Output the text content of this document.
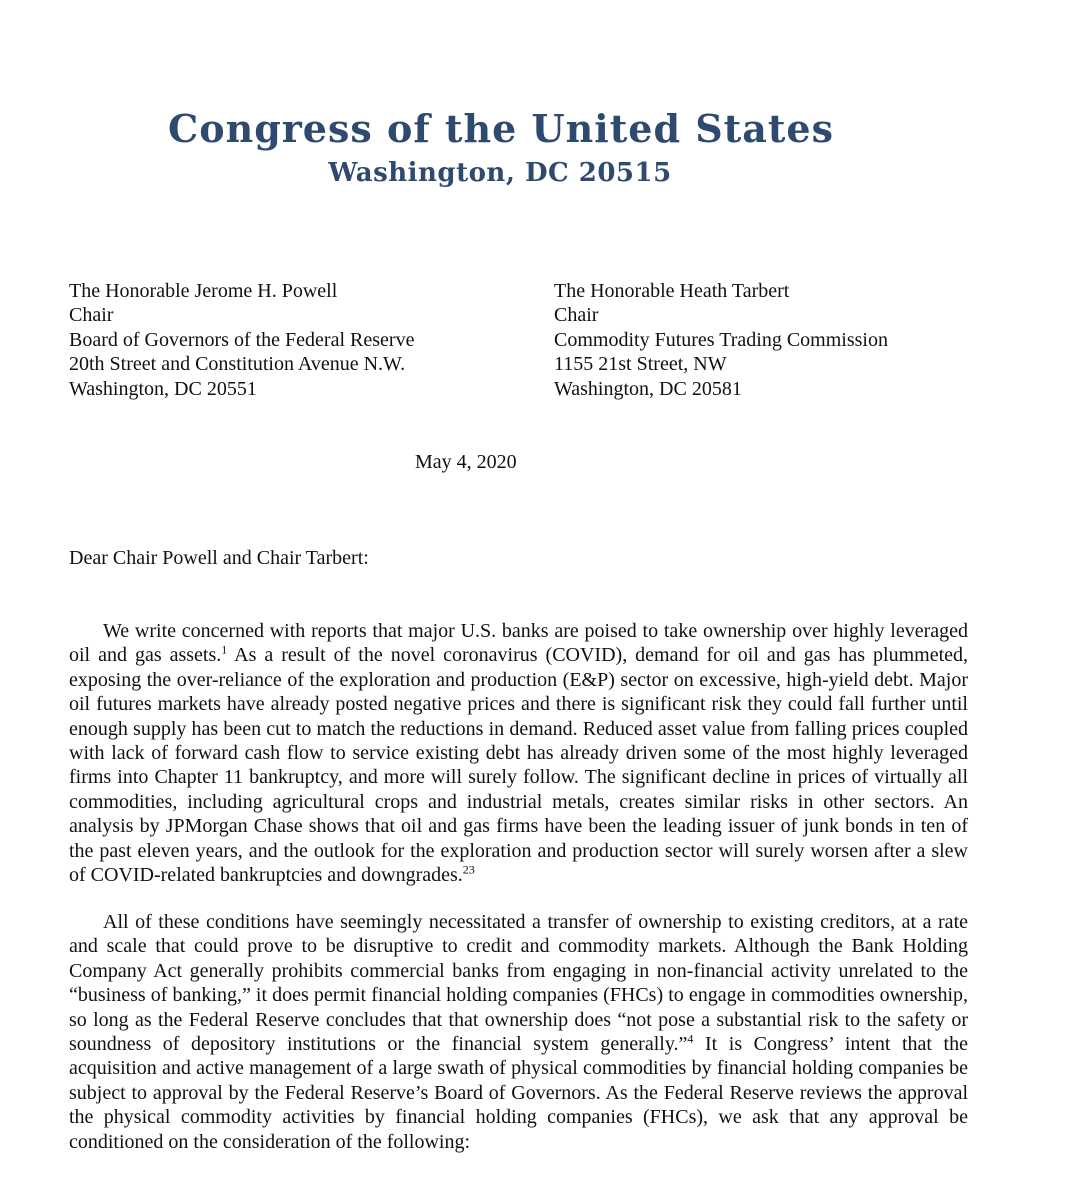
Congress of the United States
Washington, DC 20515
The Honorable Jerome H. Powell
Chair
Board of Governors of the Federal Reserve
20th Street and Constitution Avenue N.W.
Washington, DC 20551
The Honorable Heath Tarbert
Chair
Commodity Futures Trading Commission
1155 21st Street, NW
Washington, DC 20581
May 4, 2020
Dear Chair Powell and Chair Tarbert:

We write concerned with reports that major U.S. banks are poised to take ownership over highly leveraged oil and gas assets.$^1$ As a result of the novel coronavirus (COVID), demand for oil and gas has plummeted, exposing the over-reliance of the exploration and production (E&P) sector on excessive, high-yield debt. Major oil futures markets have already posted negative prices and there is significant risk they could fall further until enough supply has been cut to match the reductions in demand. Reduced asset value from falling prices coupled with lack of forward cash flow to service existing debt has already driven some of the most highly leveraged firms into Chapter 11 bankruptcy, and more will surely follow. The significant decline in prices of virtually all commodities, including agricultural crops and industrial metals, creates similar risks in other sectors. An analysis by JPMorgan Chase shows that oil and gas firms have been the leading issuer of junk bonds in ten of the past eleven years, and the outlook for the exploration and production sector will surely worsen after a slew of COVID-related bankruptcies and downgrades.$^{23}$

All of these conditions have seemingly necessitated a transfer of ownership to existing creditors, at a rate and scale that could prove to be disruptive to credit and commodity markets. Although the Bank Holding Company Act generally prohibits commercial banks from engaging in non-financial activity unrelated to the “business of banking,” it does permit financial holding companies (FHCs) to engage in commodities ownership, so long as the Federal Reserve concludes that that ownership does “not pose a substantial risk to the safety or soundness of depository institutions or the financial system generally.”$^4$ It is Congress’ intent that the acquisition and active management of a large swath of physical commodities by financial holding companies be subject to approval by the Federal Reserve’s Board of Governors. As the Federal Reserve reviews the approval the physical commodity activities by financial holding companies (FHCs), we ask that any approval be conditioned on the consideration of the following:
